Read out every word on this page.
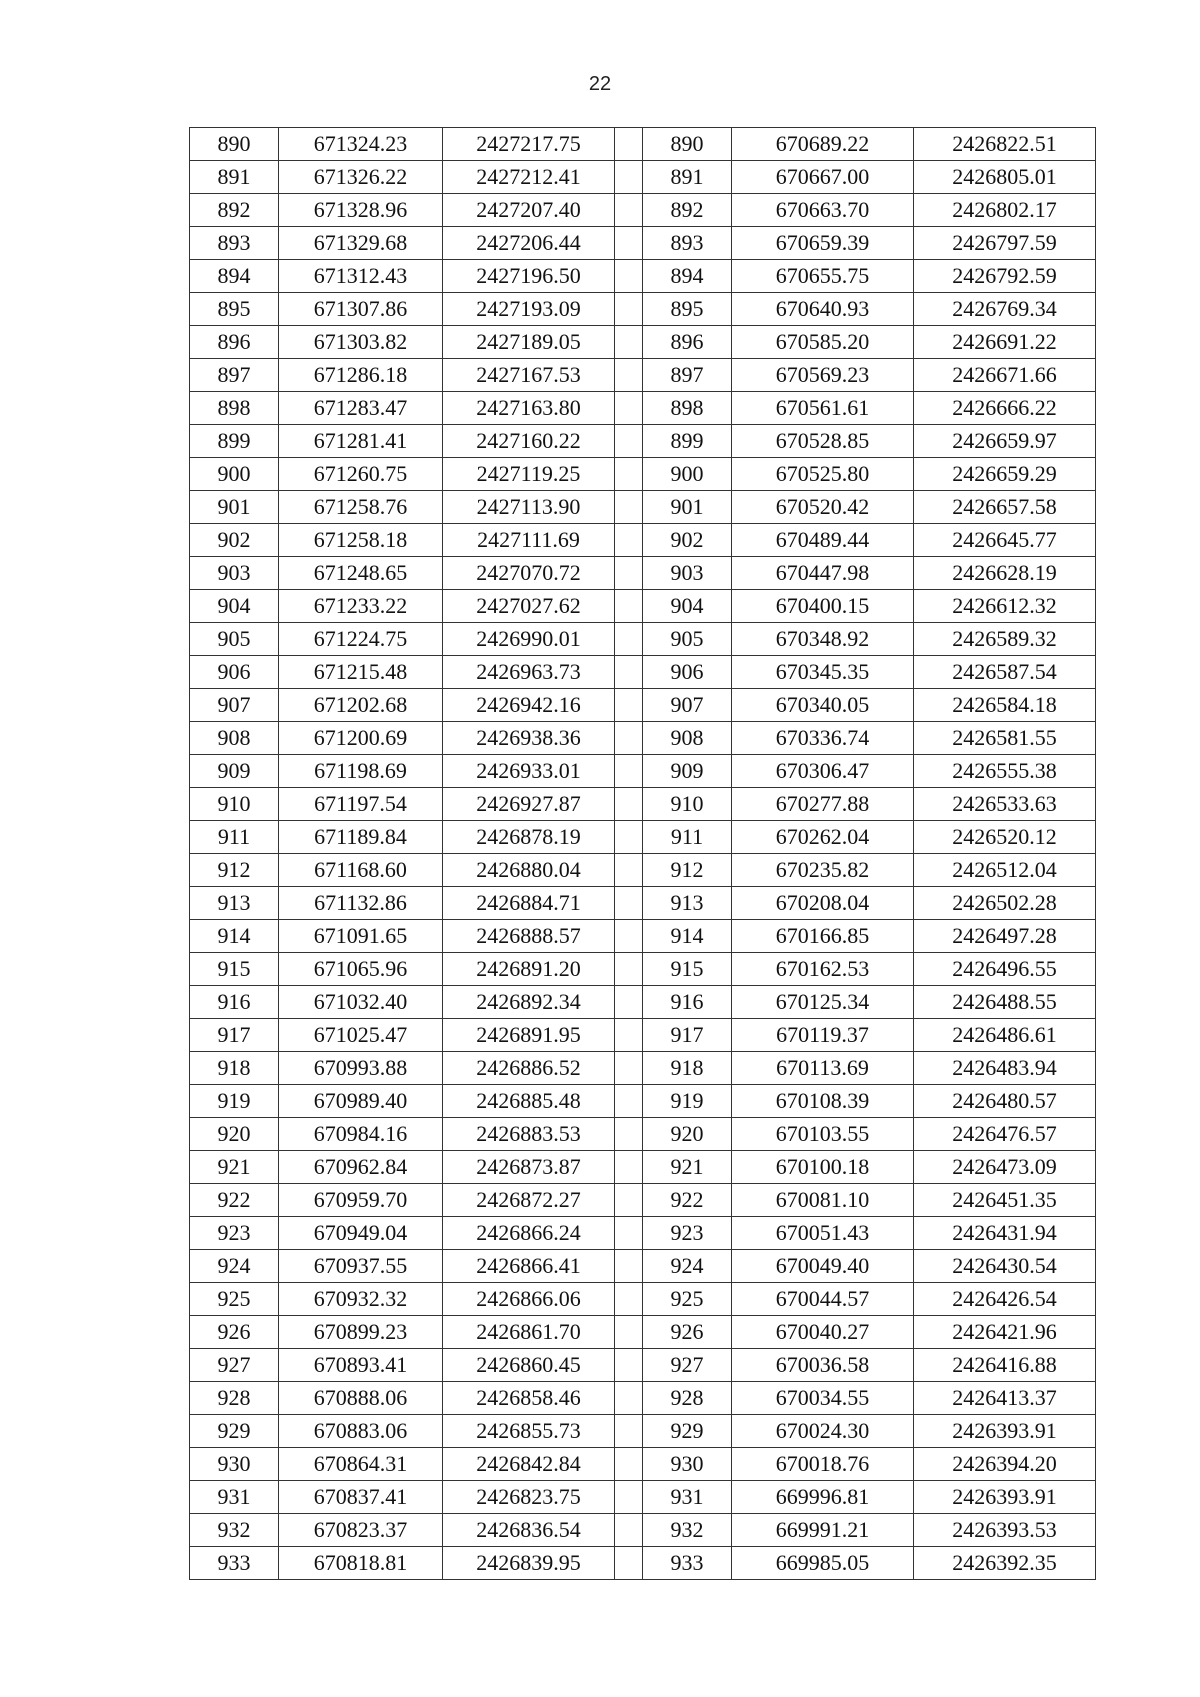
22
890	671324.23	2427217.75		890	670689.22	2426822.51
891	671326.22	2427212.41		891	670667.00	2426805.01
892	671328.96	2427207.40		892	670663.70	2426802.17
893	671329.68	2427206.44		893	670659.39	2426797.59
894	671312.43	2427196.50		894	670655.75	2426792.59
895	671307.86	2427193.09		895	670640.93	2426769.34
896	671303.82	2427189.05		896	670585.20	2426691.22
897	671286.18	2427167.53		897	670569.23	2426671.66
898	671283.47	2427163.80		898	670561.61	2426666.22
899	671281.41	2427160.22		899	670528.85	2426659.97
900	671260.75	2427119.25		900	670525.80	2426659.29
901	671258.76	2427113.90		901	670520.42	2426657.58
902	671258.18	2427111.69		902	670489.44	2426645.77
903	671248.65	2427070.72		903	670447.98	2426628.19
904	671233.22	2427027.62		904	670400.15	2426612.32
905	671224.75	2426990.01		905	670348.92	2426589.32
906	671215.48	2426963.73		906	670345.35	2426587.54
907	671202.68	2426942.16		907	670340.05	2426584.18
908	671200.69	2426938.36		908	670336.74	2426581.55
909	671198.69	2426933.01		909	670306.47	2426555.38
910	671197.54	2426927.87		910	670277.88	2426533.63
911	671189.84	2426878.19		911	670262.04	2426520.12
912	671168.60	2426880.04		912	670235.82	2426512.04
913	671132.86	2426884.71		913	670208.04	2426502.28
914	671091.65	2426888.57		914	670166.85	2426497.28
915	671065.96	2426891.20		915	670162.53	2426496.55
916	671032.40	2426892.34		916	670125.34	2426488.55
917	671025.47	2426891.95		917	670119.37	2426486.61
918	670993.88	2426886.52		918	670113.69	2426483.94
919	670989.40	2426885.48		919	670108.39	2426480.57
920	670984.16	2426883.53		920	670103.55	2426476.57
921	670962.84	2426873.87		921	670100.18	2426473.09
922	670959.70	2426872.27		922	670081.10	2426451.35
923	670949.04	2426866.24		923	670051.43	2426431.94
924	670937.55	2426866.41		924	670049.40	2426430.54
925	670932.32	2426866.06		925	670044.57	2426426.54
926	670899.23	2426861.70		926	670040.27	2426421.96
927	670893.41	2426860.45		927	670036.58	2426416.88
928	670888.06	2426858.46		928	670034.55	2426413.37
929	670883.06	2426855.73		929	670024.30	2426393.91
930	670864.31	2426842.84		930	670018.76	2426394.20
931	670837.41	2426823.75		931	669996.81	2426393.91
932	670823.37	2426836.54		932	669991.21	2426393.53
933	670818.81	2426839.95		933	669985.05	2426392.35
